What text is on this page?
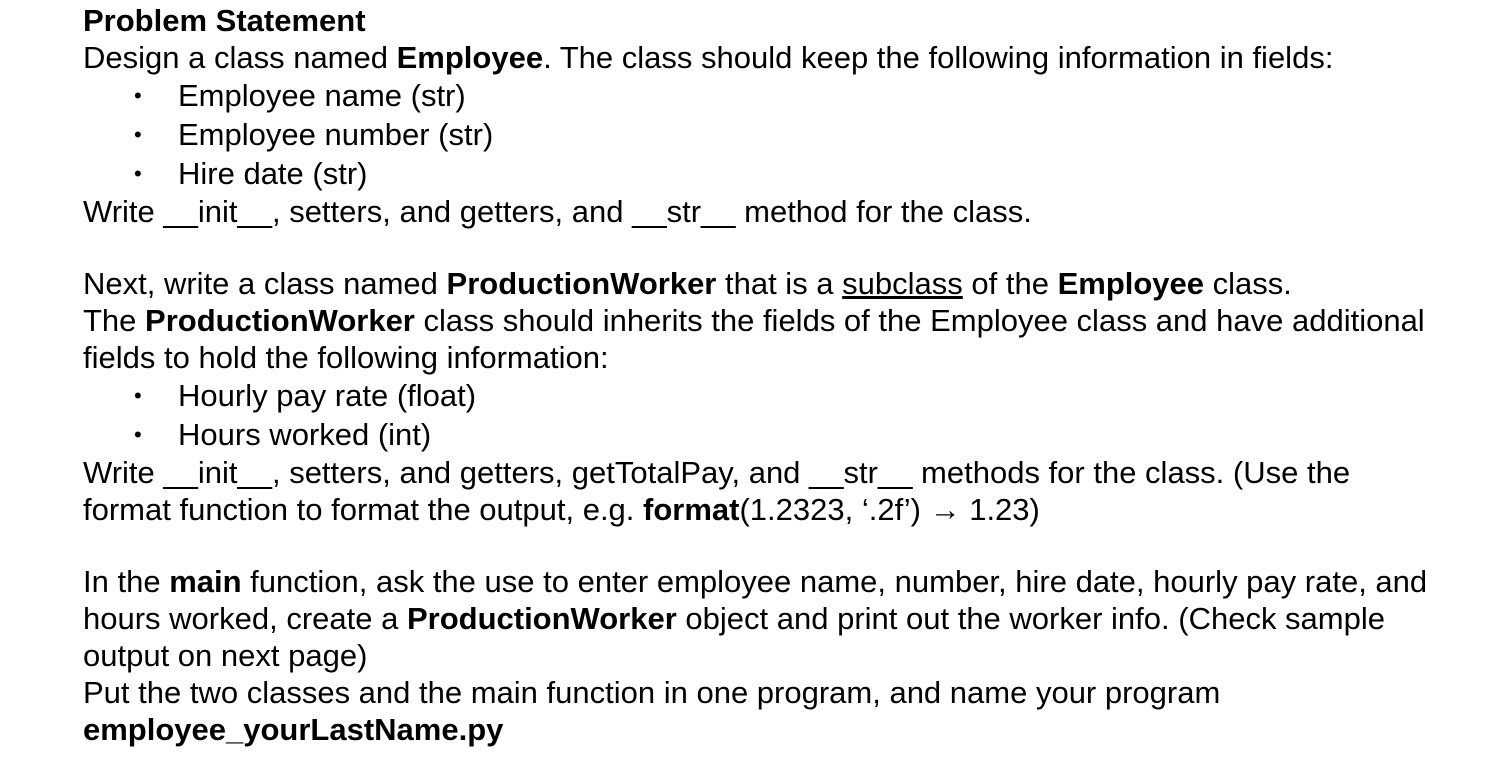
Problem Statement
Design a class named Employee. The class should keep the following information in fields:
• Employee name (str)
• Employee number (str)
• Hire date (str)
Write __init__, setters, and getters, and __str__ method for the class.
Next, write a class named ProductionWorker that is a subclass of the Employee class.
The ProductionWorker class should inherits the fields of the Employee class and have additional
fields to hold the following information:
• Hourly pay rate (float)
• Hours worked (int)
Write __init__, setters, and getters, getTotalPay, and __str__ methods for the class. (Use the
format function to format the output, e.g. format(1.2323, ‘.2f’) → 1.23)
In the main function, ask the use to enter employee name, number, hire date, hourly pay rate, and
hours worked, create a ProductionWorker object and print out the worker info. (Check sample
output on next page)
Put the two classes and the main function in one program, and name your program
employee_yourLastName.py
